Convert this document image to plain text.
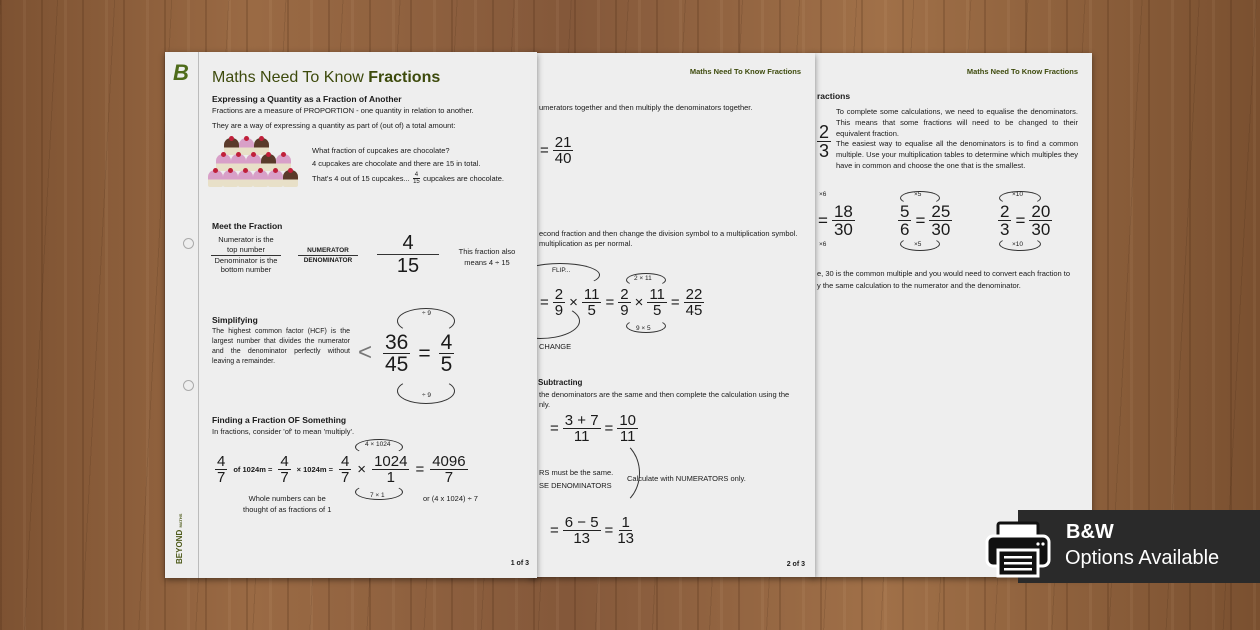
Maths Need To Know Fractions
ractions
To complete some calculations, we need to equalise the denominators. This means that some fractions will need to be changed to their equivalent fraction.
The easiest way to equalise all the denominators is to find a common multiple. Use your multiplication tables to determine which multiples they have in common and choose the one that is the smallest.
2
3
×6
= $\frac{18}{30}$
×6
×5
$\frac{5}{6} = \frac{25}{30}$
×5
×10
$\frac{2}{3} = \frac{20}{30}$
×10
e, 30 is the common multiple and you would need to convert each fraction to
y the same calculation to the numerator and the denominator.
Maths Need To Know Fractions
umerators together and then multiply the denominators together.
= $\frac{21}{40}$
econd fraction and then change the division symbol to a multiplication symbol.
multiplication as per normal.
FLIP...
2 × 11
= $\frac{2}{9} \times \frac{11}{5} = \frac{2}{9} \times \frac{11}{5} = \frac{22}{45}$
9 × 5
CHANGE
Subtracting
the denominators are the same and then complete the calculation using the
nly.
= $\frac{3 + 7}{11} = \frac{10}{11}$
RS must be the same.
SE DENOMINATORS
Calculate with NUMERATORS only.
= $\frac{6 - 5}{13} = \frac{1}{13}$
2 of 3
B
BEYOND MATHS
Maths Need To Know Fractions
Expressing a Quantity as a Fraction of Another
Fractions are a measure of PROPORTION - one quantity in relation to another.
They are a way of expressing a quantity as part of (out of) a total amount:
What fraction of cupcakes are chocolate?
4 cupcakes are chocolate and there are 15 in total.
That's 4 out of 15 cupcakes... 4
15 cupcakes are chocolate.
Meet the Fraction
Numerator is the
top number
Denominator is the
bottom number
NUMERATOR
DENOMINATOR
4
15
This fraction also
means 4 ÷ 15
Simplifying
The highest common factor (HCF) is the largest number that divides the numerator and the denominator perfectly without leaving a remainder.	<
÷ 9
$\frac{36}{45} = \frac{4}{5}$
÷ 9
Finding a Fraction OF Something
In fractions, consider 'of' to mean 'multiply'.
4 × 1024
4
7 of $1024m = \frac{4}{7} \times 1024m = \frac{4}{7} \times \frac{1024}{1} = \frac{4096}{7}$
7 × 1
Whole numbers can be
thought of as fractions of 1
or (4 x 1024) ÷ 7
1 of 3
B&W
Options Available
